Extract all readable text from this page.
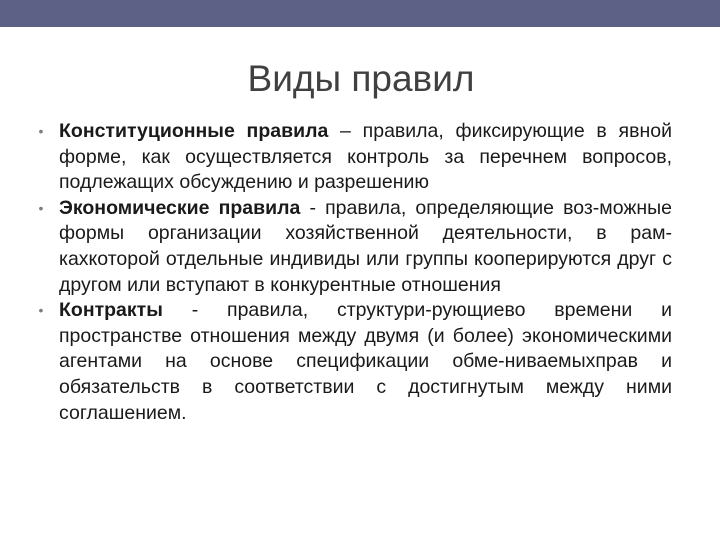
Виды правил
• Конституционные правила – правила, фиксирующие в явной форме, как осуществляется контроль за перечнем вопросов, подлежащих обсуждению и разрешению
• Экономические правила - правила, определяющие воз-можные формы организации хозяйственной деятельности, в рам-кахкоторой отдельные индивиды или группы кооперируются друг с другом или вступают в конкурентные отношения
• Контракты - правила, структури-рующиево времени и пространстве отношения между двумя (и более) экономическими агентами на основе спецификации обме-ниваемыхправ и обязательств в соответствии с достигнутым между ними соглашением.
